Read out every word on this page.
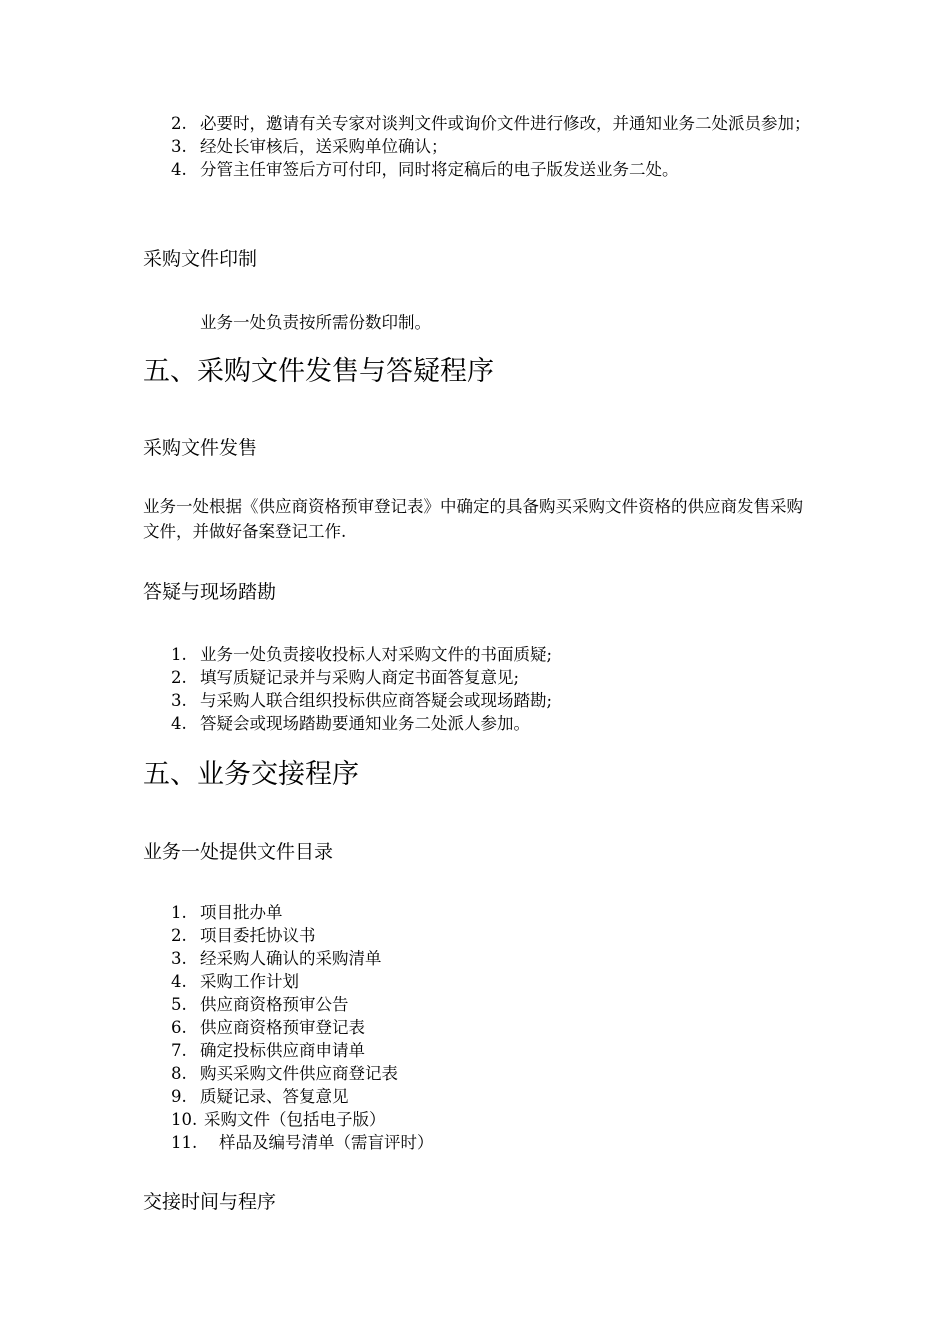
2. 必要时，邀请有关专家对谈判文件或询价文件进行修改，并通知业务二处派员参加；
3. 经处长审核后，送采购单位确认；
4. 分管主任审签后方可付印，同时将定稿后的电子版发送业务二处。
采购文件印制
业务一处负责按所需份数印制。
五、采购文件发售与答疑程序
采购文件发售
业务一处根据《供应商资格预审登记表》中确定的具备购买采购文件资格的供应商发售采购文件，并做好备案登记工作.
答疑与现场踏勘
1. 业务一处负责接收投标人对采购文件的书面质疑;
2. 填写质疑记录并与采购人商定书面答复意见;
3. 与采购人联合组织投标供应商答疑会或现场踏勘;
4. 答疑会或现场踏勘要通知业务二处派人参加。
五、业务交接程序
业务一处提供文件目录
1. 项目批办单
2. 项目委托协议书
3. 经采购人确认的采购清单
4. 采购工作计划
5. 供应商资格预审公告
6. 供应商资格预审登记表
7. 确定投标供应商申请单
8. 购买采购文件供应商登记表
9. 质疑记录、答复意见
10. 采购文件（包括电子版）
11.	样品及编号清单（需盲评时）
交接时间与程序
